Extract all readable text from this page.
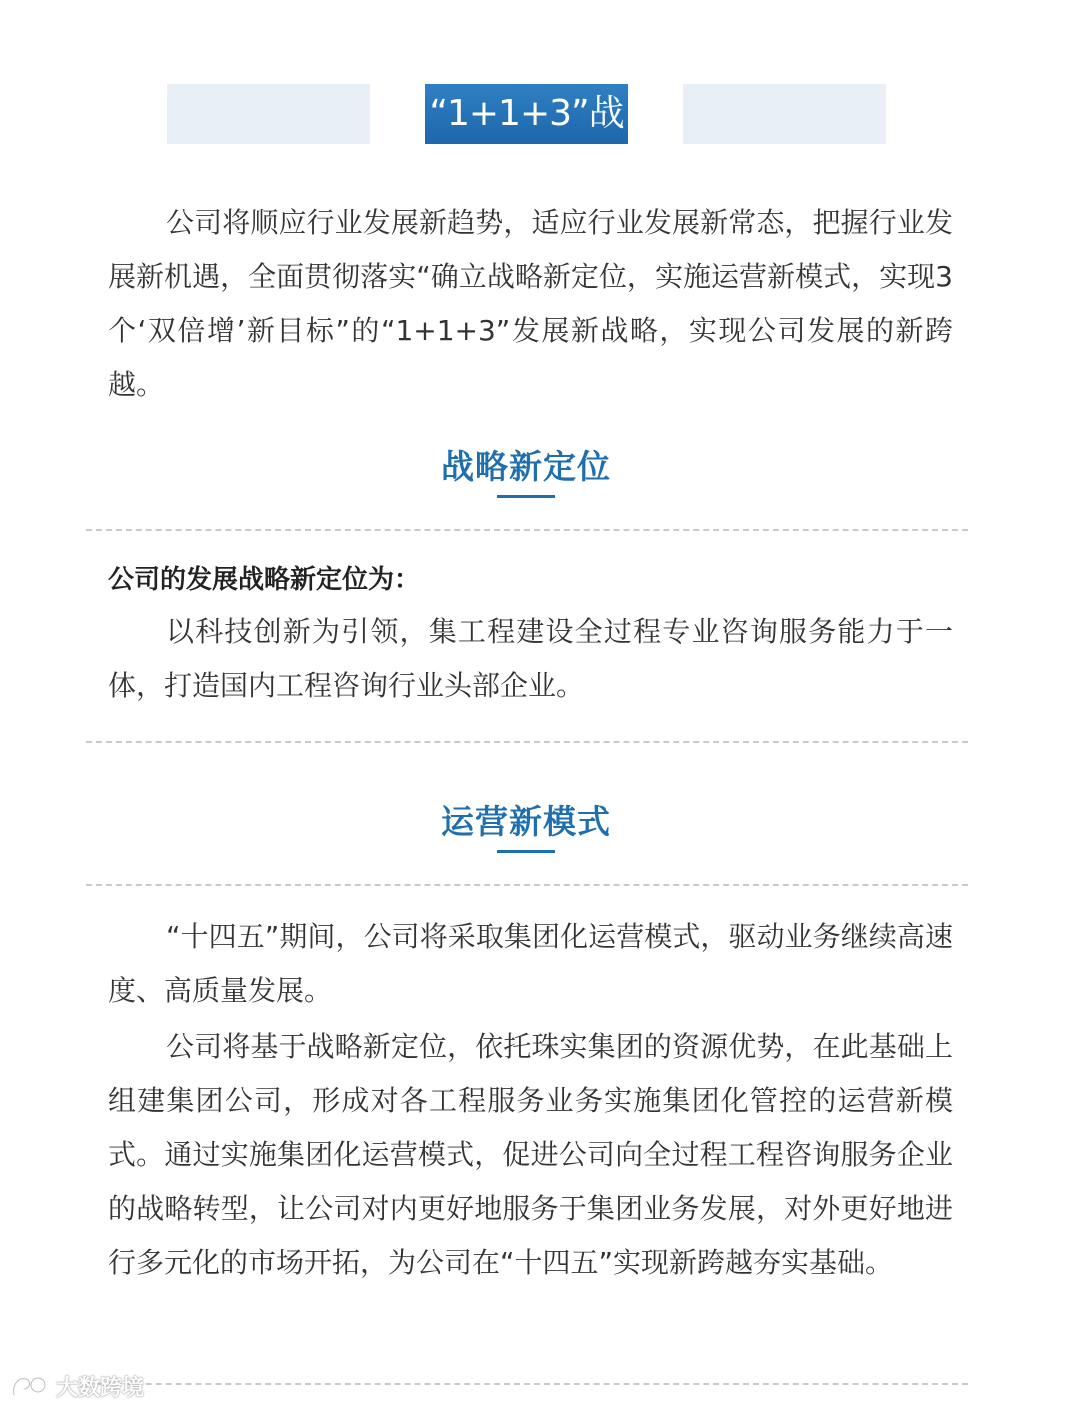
“1+1+3”战略

公司将顺应行业发展新趋势，适应行业发展新常态，把握行业发展新机遇，全面贯彻落实“确立战略新定位，实施运营新模式，实现3个‘双倍增’新目标”的“1+1+3”发展新战略，实现公司发展的新跨越。

战略新定位
公司的发展战略新定位为：

以科技创新为引领，集工程建设全过程专业咨询服务能力于一体，打造国内工程咨询行业头部企业。

运营新模式

“十四五”期间，公司将采取集团化运营模式，驱动业务继续高速度、高质量发展。

公司将基于战略新定位，依托珠实集团的资源优势，在此基础上组建集团公司，形成对各工程服务业务实施集团化管控的运营新模式。通过实施集团化运营模式，促进公司向全过程工程咨询服务企业的战略转型，让公司对内更好地服务于集团业务发展，对外更好地进行多元化的市场开拓，为公司在“十四五”实现新跨越夯实基础。

大数跨境
